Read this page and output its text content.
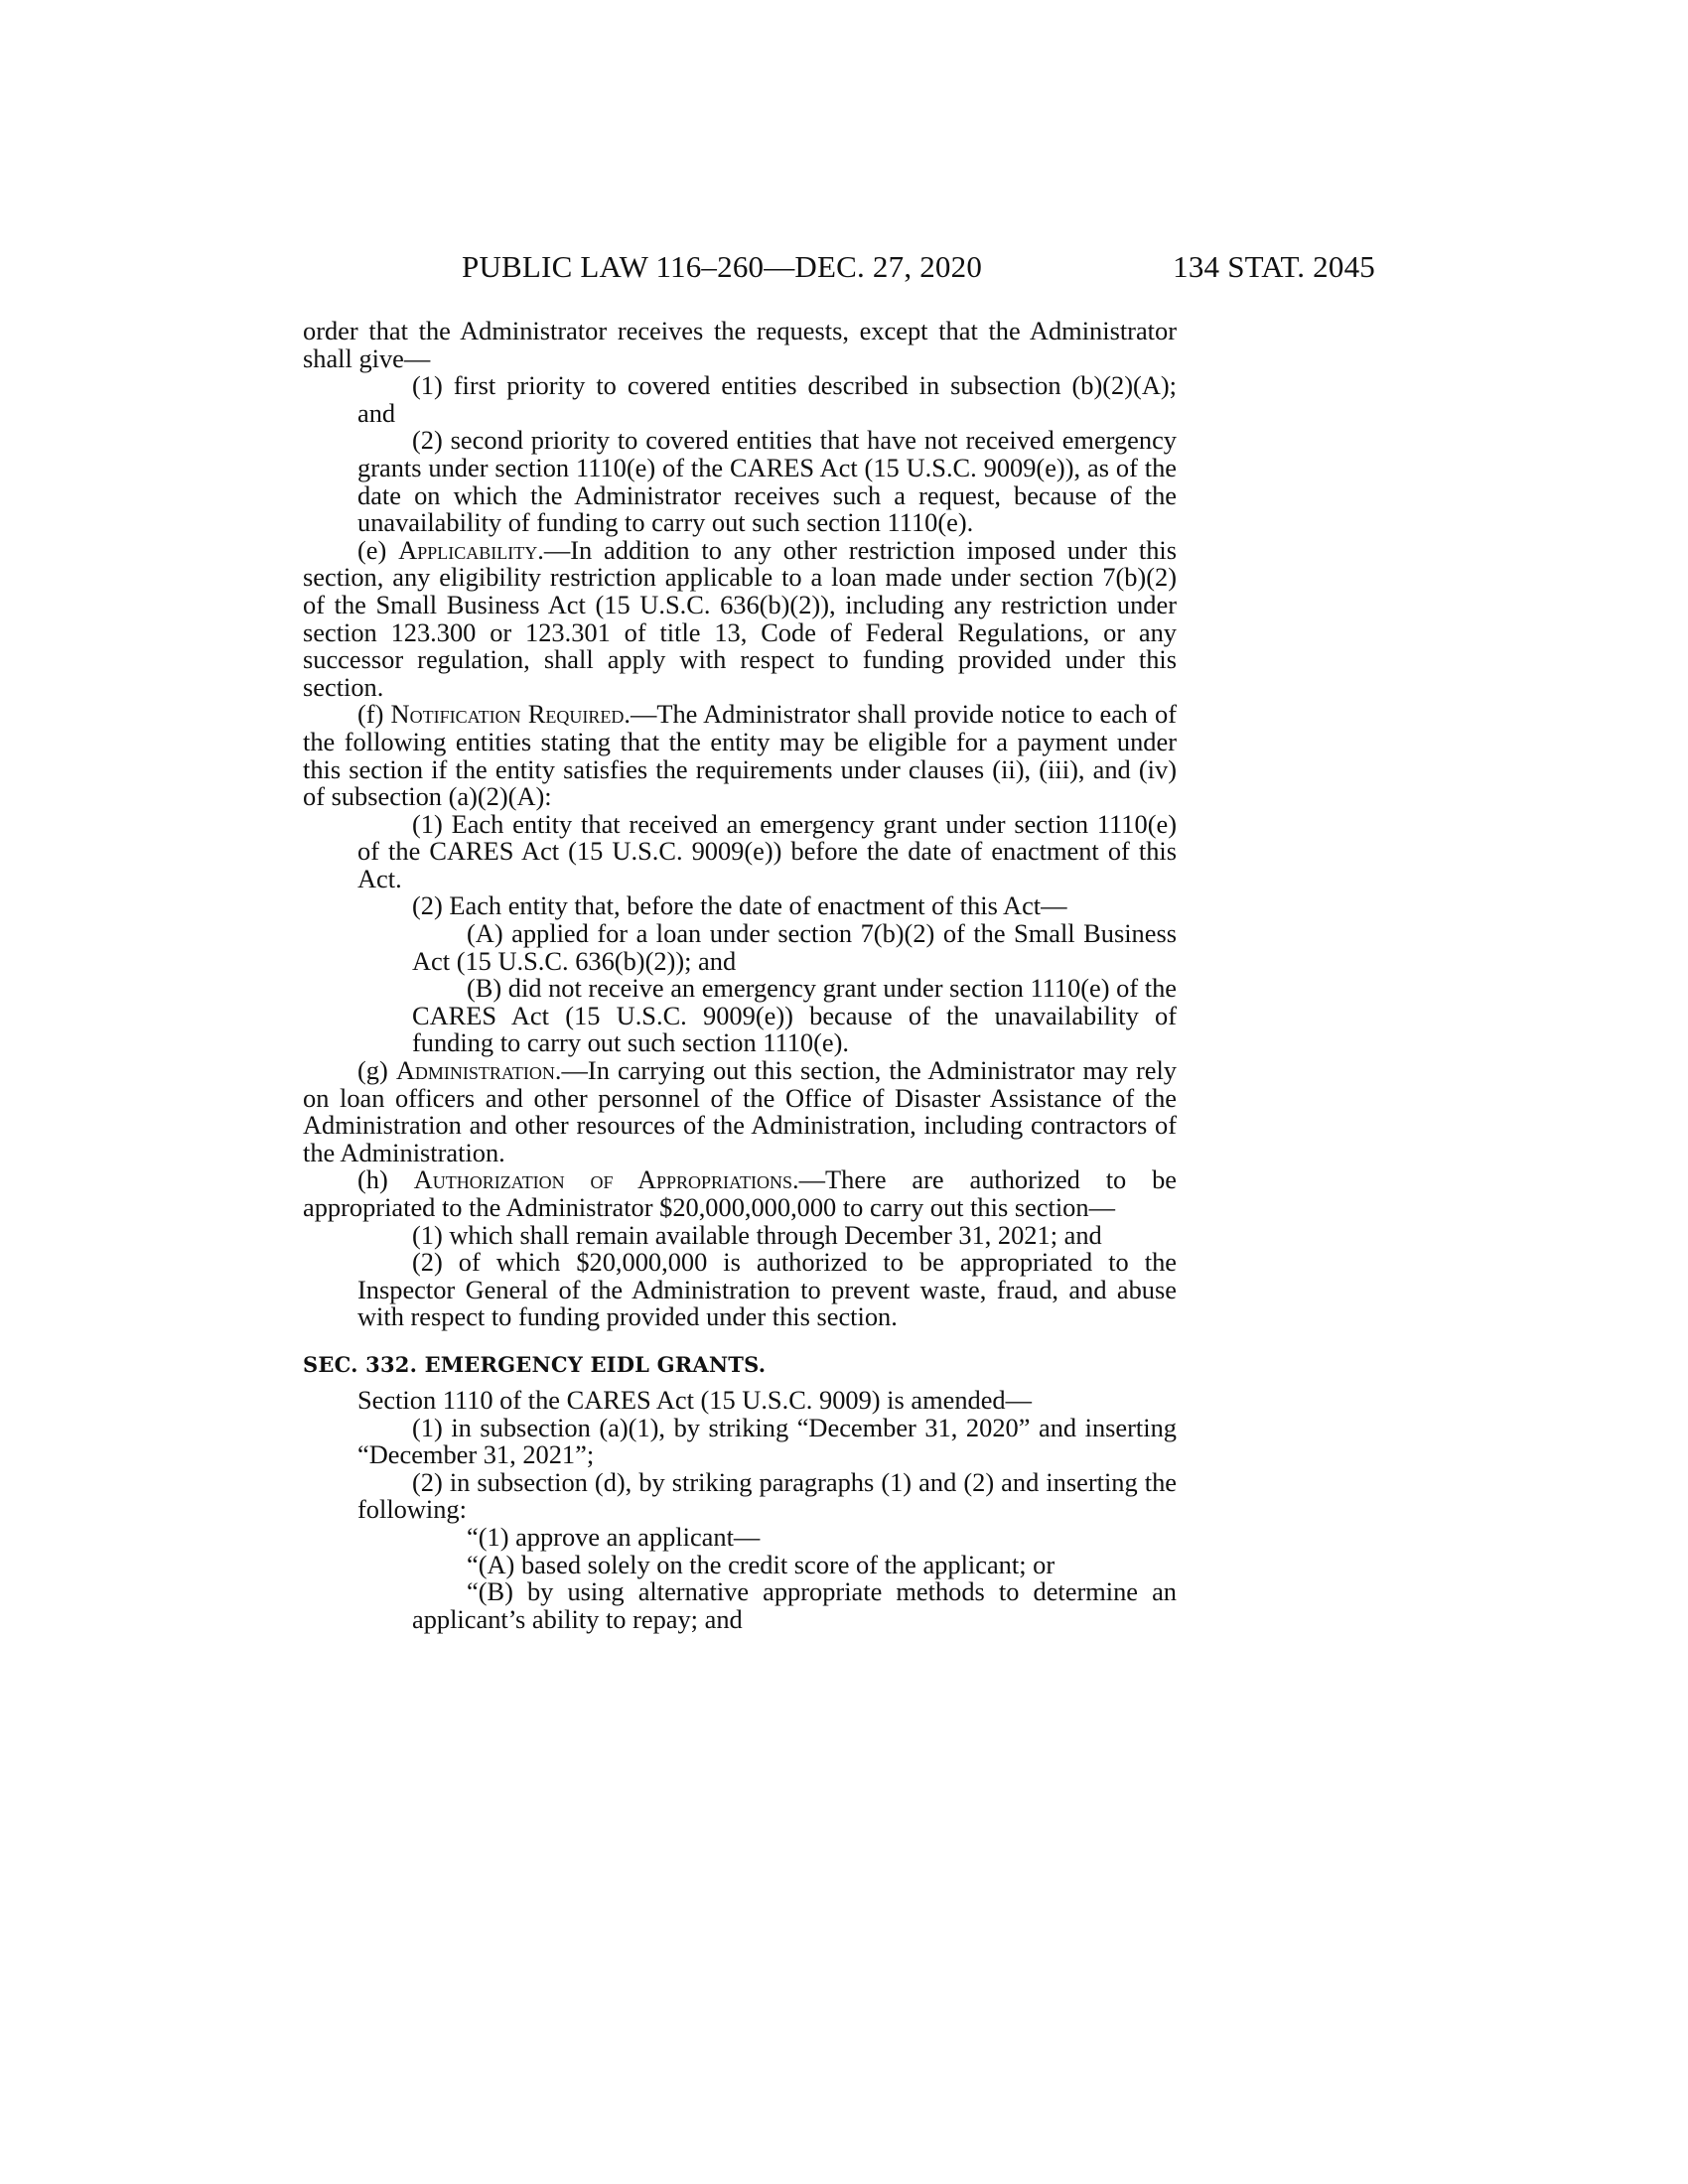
PUBLIC LAW 116–260—DEC. 27, 2020	134 STAT. 2045

order that the Administrator receives the requests, except that the Administrator shall give—

(1) first priority to covered entities described in subsection (b)(2)(A); and

(2) second priority to covered entities that have not received emergency grants under section 1110(e) of the CARES Act (15 U.S.C. 9009(e)), as of the date on which the Administrator receives such a request, because of the unavailability of funding to carry out such section 1110(e).

(e) Applicability.—In addition to any other restriction imposed under this section, any eligibility restriction applicable to a loan made under section 7(b)(2) of the Small Business Act (15 U.S.C. 636(b)(2)), including any restriction under section 123.300 or 123.301 of title 13, Code of Federal Regulations, or any successor regulation, shall apply with respect to funding provided under this section.

(f) Notification Required.—The Administrator shall provide notice to each of the following entities stating that the entity may be eligible for a payment under this section if the entity satisfies the requirements under clauses (ii), (iii), and (iv) of subsection (a)(2)(A):

(1) Each entity that received an emergency grant under section 1110(e) of the CARES Act (15 U.S.C. 9009(e)) before the date of enactment of this Act.

(2) Each entity that, before the date of enactment of this Act—

(A) applied for a loan under section 7(b)(2) of the Small Business Act (15 U.S.C. 636(b)(2)); and

(B) did not receive an emergency grant under section 1110(e) of the CARES Act (15 U.S.C. 9009(e)) because of the unavailability of funding to carry out such section 1110(e).

(g) Administration.—In carrying out this section, the Administrator may rely on loan officers and other personnel of the Office of Disaster Assistance of the Administration and other resources of the Administration, including contractors of the Administration.

(h) Authorization of Appropriations.—There are authorized to be appropriated to the Administrator $20,000,000,000 to carry out this section—

(1) which shall remain available through December 31, 2021; and

(2) of which $20,000,000 is authorized to be appropriated to the Inspector General of the Administration to prevent waste, fraud, and abuse with respect to funding provided under this section.

SEC. 332. EMERGENCY EIDL GRANTS.

Section 1110 of the CARES Act (15 U.S.C. 9009) is amended—

(1) in subsection (a)(1), by striking “December 31, 2020” and inserting “December 31, 2021”;

(2) in subsection (d), by striking paragraphs (1) and (2) and inserting the following:

“(1) approve an applicant—

“(A) based solely on the credit score of the applicant; or

“(B) by using alternative appropriate methods to determine an applicant’s ability to repay; and
